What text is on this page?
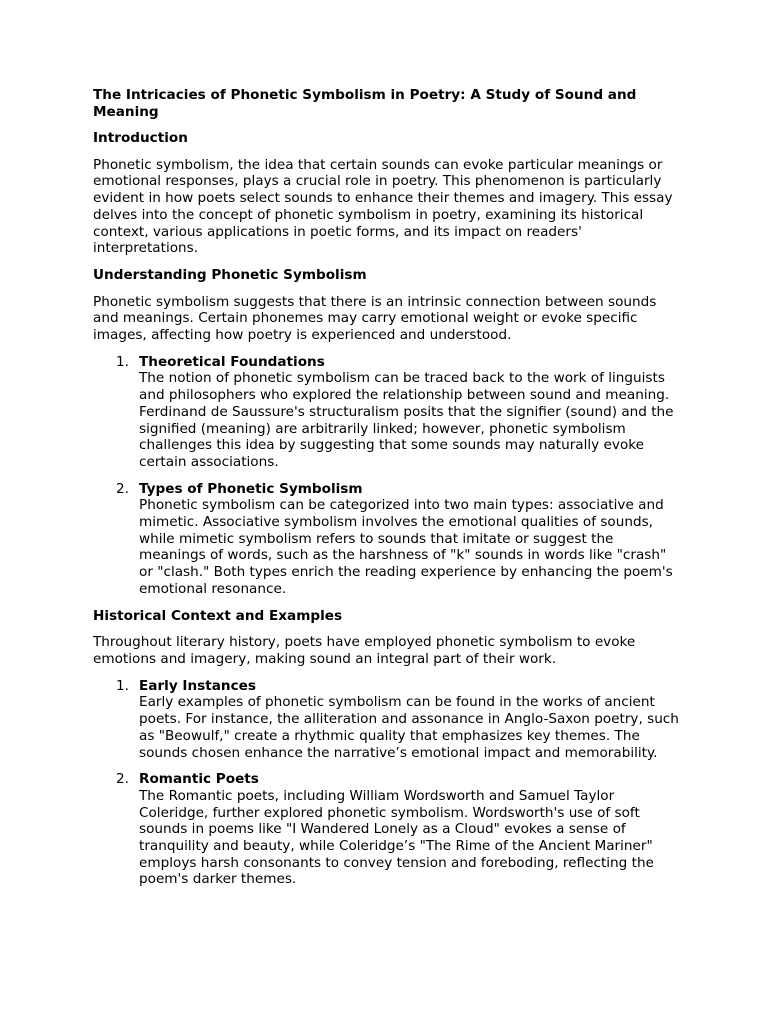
The Intricacies of Phonetic Symbolism in Poetry: A Study of Sound and Meaning
Introduction
Phonetic symbolism, the idea that certain sounds can evoke particular meanings or emotional responses, plays a crucial role in poetry. This phenomenon is particularly evident in how poets select sounds to enhance their themes and imagery. This essay delves into the concept of phonetic symbolism in poetry, examining its historical context, various applications in poetic forms, and its impact on readers' interpretations.
Understanding Phonetic Symbolism
Phonetic symbolism suggests that there is an intrinsic connection between sounds and meanings. Certain phonemes may carry emotional weight or evoke specific images, affecting how poetry is experienced and understood.
1. Theoretical Foundations
The notion of phonetic symbolism can be traced back to the work of linguists and philosophers who explored the relationship between sound and meaning. Ferdinand de Saussure's structuralism posits that the signifier (sound) and the signified (meaning) are arbitrarily linked; however, phonetic symbolism challenges this idea by suggesting that some sounds may naturally evoke certain associations.
2. Types of Phonetic Symbolism
Phonetic symbolism can be categorized into two main types: associative and mimetic. Associative symbolism involves the emotional qualities of sounds, while mimetic symbolism refers to sounds that imitate or suggest the meanings of words, such as the harshness of "k" sounds in words like "crash" or "clash." Both types enrich the reading experience by enhancing the poem's emotional resonance.
Historical Context and Examples
Throughout literary history, poets have employed phonetic symbolism to evoke emotions and imagery, making sound an integral part of their work.
1. Early Instances
Early examples of phonetic symbolism can be found in the works of ancient poets. For instance, the alliteration and assonance in Anglo-Saxon poetry, such as "Beowulf," create a rhythmic quality that emphasizes key themes. The sounds chosen enhance the narrative’s emotional impact and memorability.
2. Romantic Poets
The Romantic poets, including William Wordsworth and Samuel Taylor Coleridge, further explored phonetic symbolism. Wordsworth's use of soft sounds in poems like "I Wandered Lonely as a Cloud" evokes a sense of tranquility and beauty, while Coleridge’s "The Rime of the Ancient Mariner" employs harsh consonants to convey tension and foreboding, reflecting the poem's darker themes.
